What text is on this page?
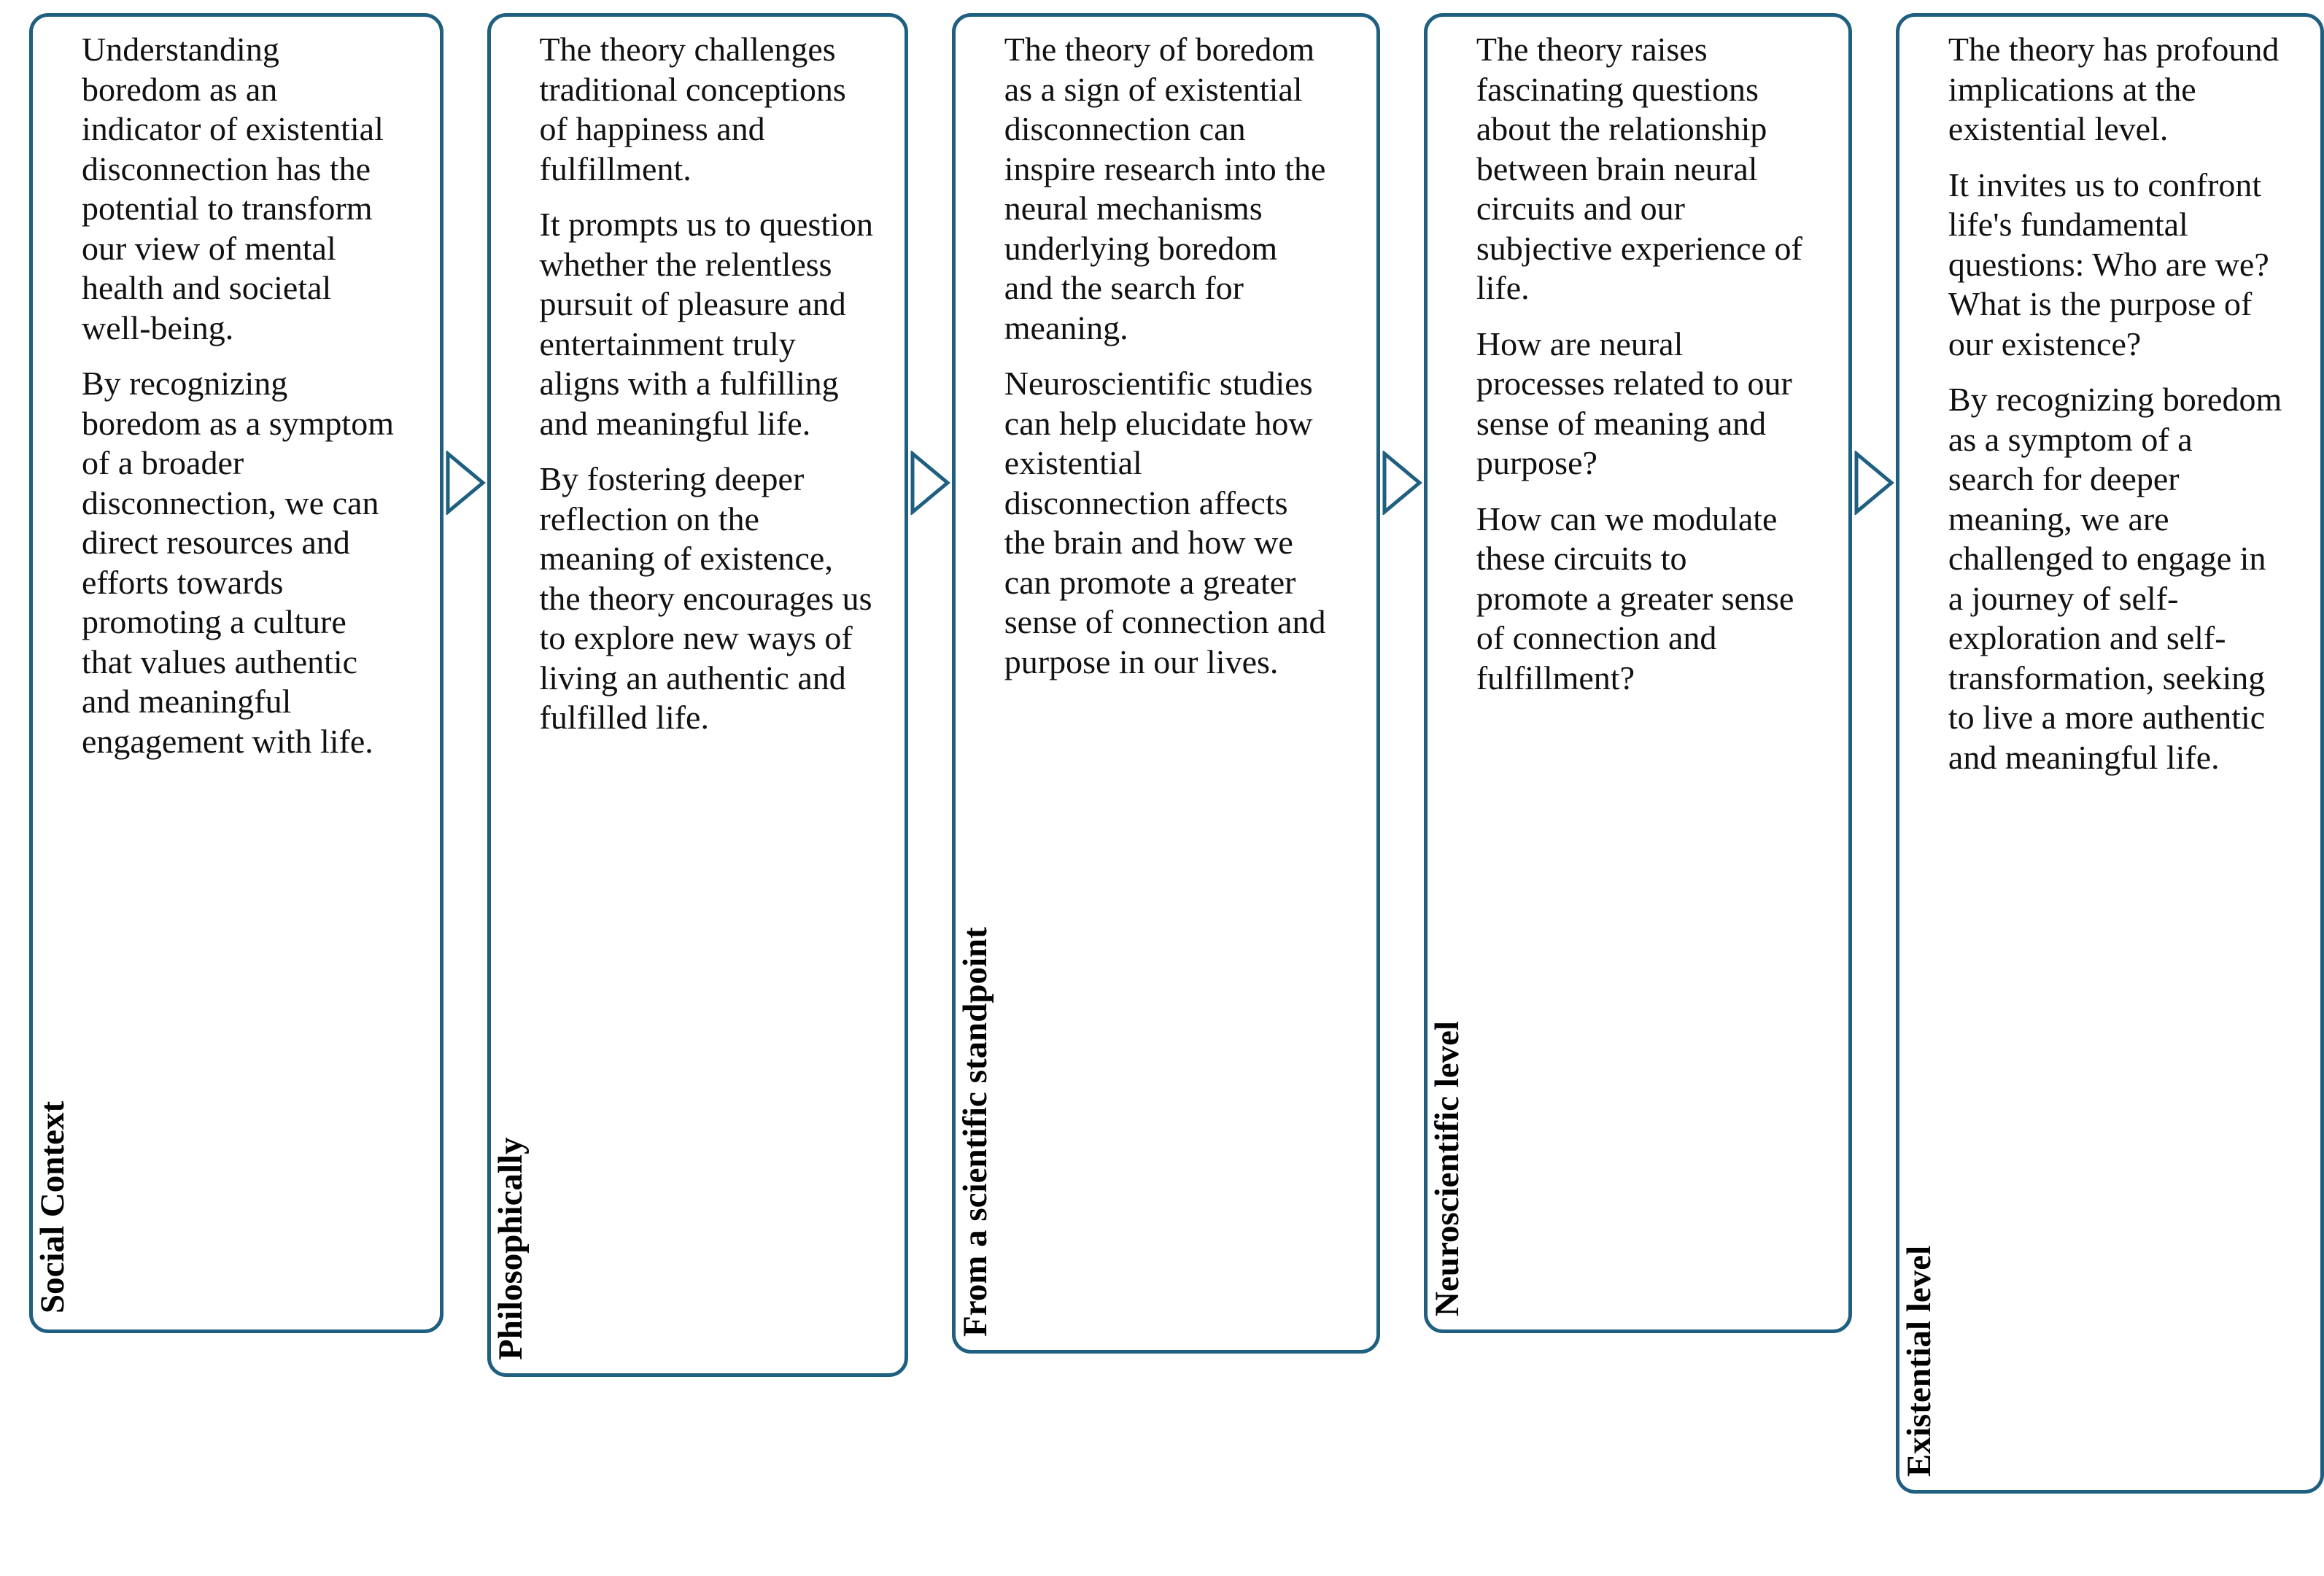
Social Context

Understanding boredom as an indicator of existential disconnection has the potential to transform our view of mental health and societal well-being.

By recognizing boredom as a symptom of a broader disconnection, we can direct resources and efforts towards promoting a culture that values authentic and meaningful engagement with life.

Philosophically

The theory challenges traditional conceptions of happiness and fulfillment.

It prompts us to question whether the relentless pursuit of pleasure and entertainment truly aligns with a fulfilling and meaningful life.

By fostering deeper reflection on the meaning of existence, the theory encourages us to explore new ways of living an authentic and fulfilled life.

From a scientific standpoint

The theory of boredom as a sign of existential disconnection can inspire research into the neural mechanisms underlying boredom and the search for meaning.

Neuroscientific studies can help elucidate how existential disconnection affects the brain and how we can promote a greater sense of connection and purpose in our lives.

Neuroscientific level

The theory raises fascinating questions about the relationship between brain neural circuits and our subjective experience of life.

How are neural processes related to our sense of meaning and purpose?

How can we modulate these circuits to promote a greater sense of connection and fulfillment?

Existential level

The theory has profound implications at the existential level.

It invites us to confront life's fundamental questions: Who are we? What is the purpose of our existence?

By recognizing boredom as a symptom of a search for deeper meaning, we are challenged to engage in a journey of self-exploration and self-transformation, seeking to live a more authentic and meaningful life.
